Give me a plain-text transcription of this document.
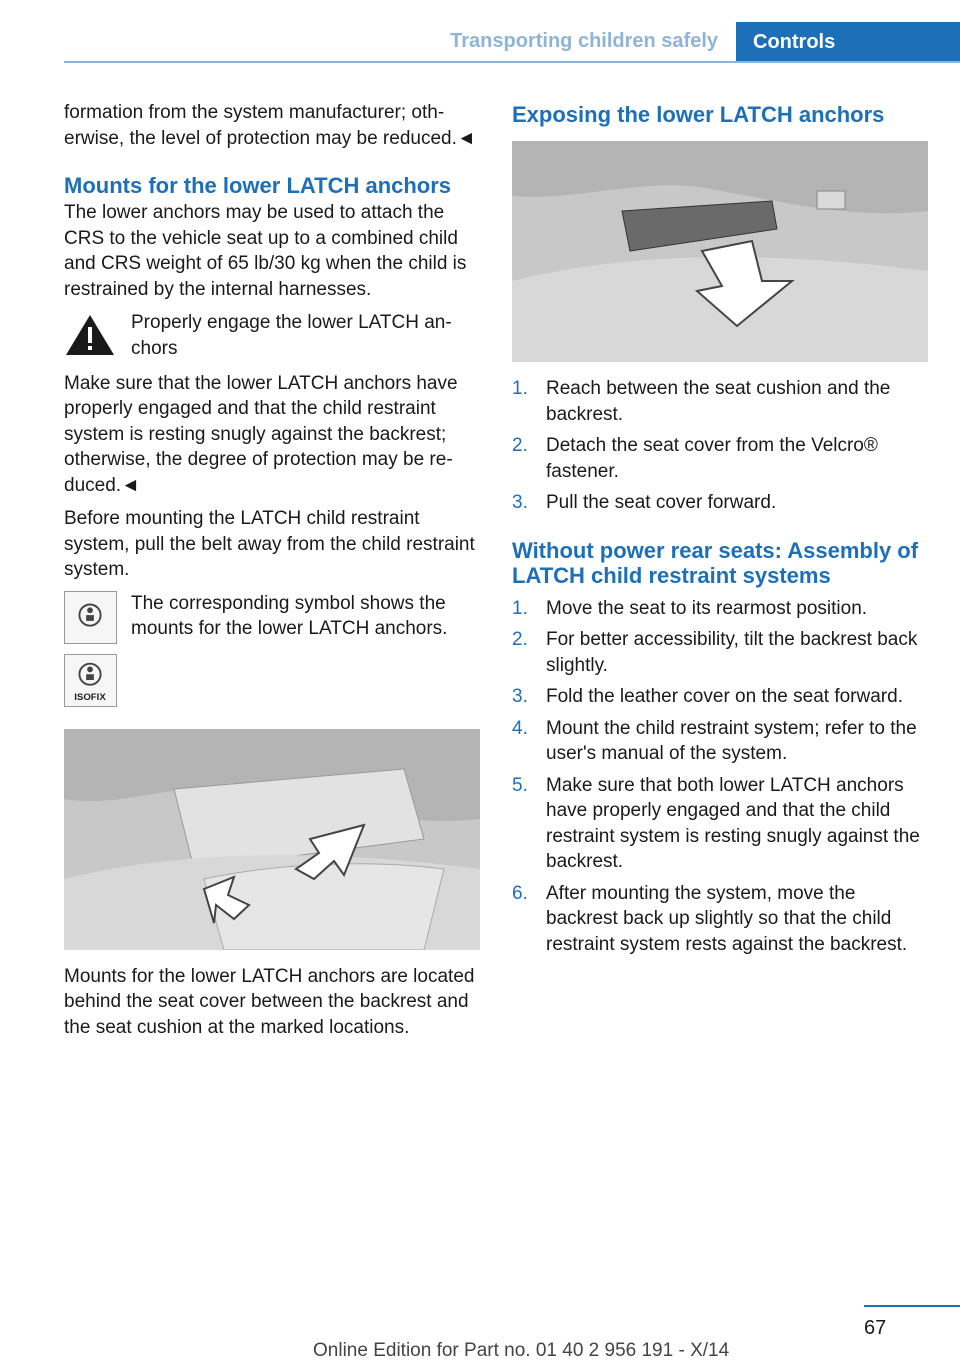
Transporting children safely	Controls

formation from the system manufacturer; otherwise, the level of protection may be reduced.◄

Mounts for the lower LATCH anchors

The lower anchors may be used to attach the CRS to the vehicle seat up to a combined child and CRS weight of 65 lb/30 kg when the child is restrained by the internal harnesses.

Properly engage the lower LATCH anchors

Make sure that the lower LATCH anchors have properly engaged and that the child restraint system is resting snugly against the backrest; otherwise, the degree of protection may be reduced.◄

Before mounting the LATCH child restraint system, pull the belt away from the child restraint system.

ISOFIX
The corresponding symbol shows the mounts for the lower LATCH anchors.

Mounts for the lower LATCH anchors are located behind the seat cover between the backrest and the seat cushion at the marked locations.

Exposing the lower LATCH anchors
1. Reach between the seat cushion and the backrest.
2. Detach the seat cover from the Velcro® fastener.
3. Pull the seat cover forward.
Without power rear seats: Assembly of LATCH child restraint systems
1. Move the seat to its rearmost position.
2. For better accessibility, tilt the backrest back slightly.
3. Fold the leather cover on the seat forward.
4. Mount the child restraint system; refer to the user's manual of the system.
5. Make sure that both lower LATCH anchors have properly engaged and that the child restraint system is resting snugly against the backrest.
6. After mounting the system, move the backrest back up slightly so that the child restraint system rests against the backrest.
67
Online Edition for Part no. 01 40 2 956 191 - X/14
